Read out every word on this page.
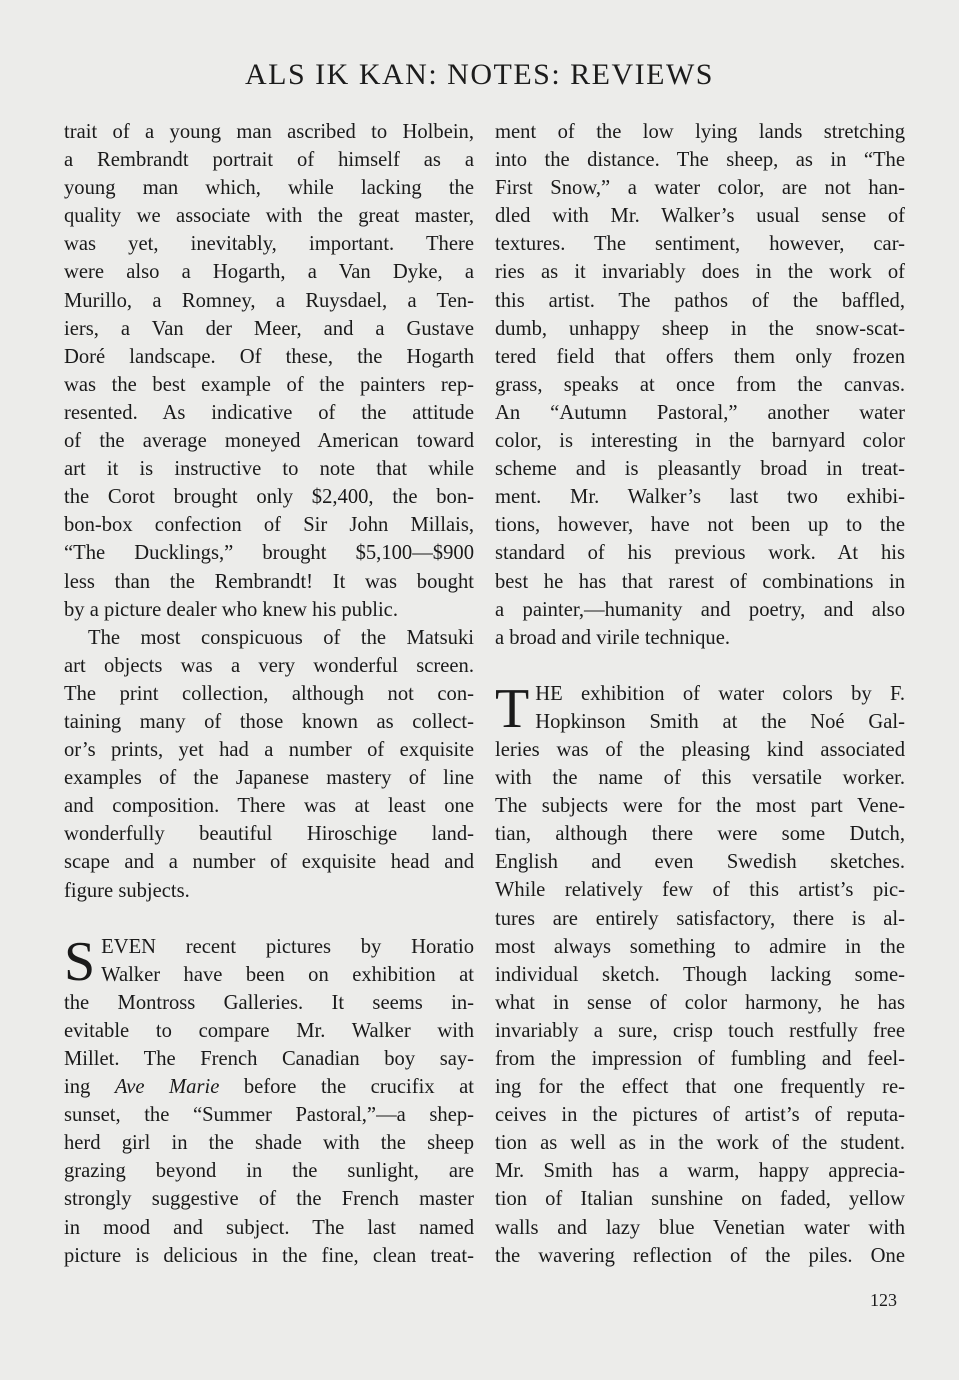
ALS IK KAN: NOTES: REVIEWS
trait of a young man ascribed to Holbein,
a Rembrandt portrait of himself as a
young man which, while lacking the
quality we associate with the great master,
was yet, inevitably, important. There
were also a Hogarth, a Van Dyke, a
Murillo, a Romney, a Ruysdael, a Ten-
iers, a Van der Meer, and a Gustave
Doré landscape. Of these, the Hogarth
was the best example of the painters rep-
resented. As indicative of the attitude
of the average moneyed American toward
art it is instructive to note that while
the Corot brought only $2,400, the bon-
bon-box confection of Sir John Millais,
“The Ducklings,” brought $5,100—$900
less than the Rembrandt! It was bought
by a picture dealer who knew his public.
The most conspicuous of the Matsuki
art objects was a very wonderful screen.
The print collection, although not con-
taining many of those known as collect-
or’s prints, yet had a number of exquisite
examples of the Japanese mastery of line
and composition. There was at least one
wonderfully beautiful Hiroschige land-
scape and a number of exquisite head and
figure subjects.
S EVEN recent pictures by Horatio
Walker have been on exhibition at
the Montross Galleries. It seems in-
evitable to compare Mr. Walker with
Millet. The French Canadian boy say-
ing Ave Marie before the crucifix at
sunset, the “Summer Pastoral,”—a shep-
herd girl in the shade with the sheep
grazing beyond in the sunlight, are
strongly suggestive of the French master
in mood and subject. The last named
picture is delicious in the fine, clean treat-
ment of the low lying lands stretching
into the distance. The sheep, as in “The
First Snow,” a water color, are not han-
dled with Mr. Walker’s usual sense of
textures. The sentiment, however, car-
ries as it invariably does in the work of
this artist. The pathos of the baffled,
dumb, unhappy sheep in the snow-scat-
tered field that offers them only frozen
grass, speaks at once from the canvas.
An “Autumn Pastoral,” another water
color, is interesting in the barnyard color
scheme and is pleasantly broad in treat-
ment. Mr. Walker’s last two exhibi-
tions, however, have not been up to the
standard of his previous work. At his
best he has that rarest of combinations in
a painter,—humanity and poetry, and also
a broad and virile technique.
T HE exhibition of water colors by F.
Hopkinson Smith at the Noé Gal-
leries was of the pleasing kind associated
with the name of this versatile worker.
The subjects were for the most part Vene-
tian, although there were some Dutch,
English and even Swedish sketches.
While relatively few of this artist’s pic-
tures are entirely satisfactory, there is al-
most always something to admire in the
individual sketch. Though lacking some-
what in sense of color harmony, he has
invariably a sure, crisp touch restfully free
from the impression of fumbling and feel-
ing for the effect that one frequently re-
ceives in the pictures of artist’s of reputa-
tion as well as in the work of the student.
Mr. Smith has a warm, happy apprecia-
tion of Italian sunshine on faded, yellow
walls and lazy blue Venetian water with
the wavering reflection of the piles. One
123
